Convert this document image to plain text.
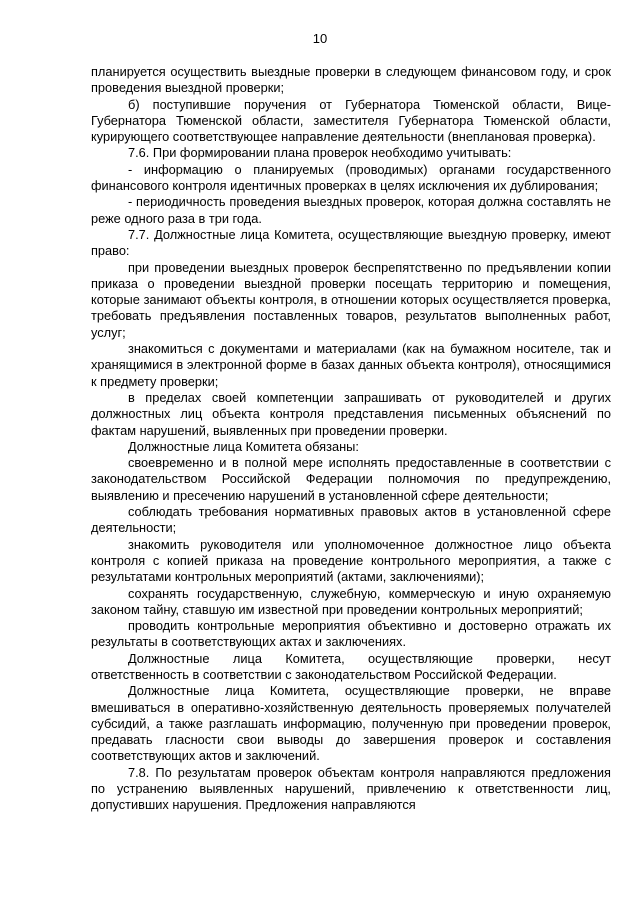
10

планируется осуществить выездные проверки в следующем финансовом году, и срок проведения выездной проверки;

б) поступившие поручения от Губернатора Тюменской области, Вице-Губернатора Тюменской области, заместителя Губернатора Тюменской области, курирующего соответствующее направление деятельности (внеплановая проверка).

7.6. При формировании плана проверок необходимо учитывать:

- информацию о планируемых (проводимых) органами государственного финансового контроля идентичных проверках в целях исключения их дублирования;

- периодичность проведения выездных проверок, которая должна составлять не реже одного раза в три года.

7.7. Должностные лица Комитета, осуществляющие выездную проверку, имеют право:

при проведении выездных проверок беспрепятственно по предъявлении копии приказа о проведении выездной проверки посещать территорию и помещения, которые занимают объекты контроля, в отношении которых осуществляется проверка, требовать предъявления поставленных товаров, результатов выполненных работ, услуг;

знакомиться с документами и материалами (как на бумажном носителе, так и хранящимися в электронной форме в базах данных объекта контроля), относящимися к предмету проверки;

в пределах своей компетенции запрашивать от руководителей и других должностных лиц объекта контроля представления письменных объяснений по фактам нарушений, выявленных при проведении проверки.

Должностные лица Комитета обязаны:

своевременно и в полной мере исполнять предоставленные в соответствии с законодательством Российской Федерации полномочия по предупреждению, выявлению и пресечению нарушений в установленной сфере деятельности;

соблюдать требования нормативных правовых актов в установленной сфере деятельности;

знакомить руководителя или уполномоченное должностное лицо объекта контроля с копией приказа на проведение контрольного мероприятия, а также с результатами контрольных мероприятий (актами, заключениями);

сохранять государственную, служебную, коммерческую и иную охраняемую законом тайну, ставшую им известной при проведении контрольных мероприятий;

проводить контрольные мероприятия объективно и достоверно отражать их результаты в соответствующих актах и заключениях.

Должностные лица Комитета, осуществляющие проверки, несут ответственность в соответствии с законодательством Российской Федерации.

Должностные лица Комитета, осуществляющие проверки, не вправе вмешиваться в оперативно-хозяйственную деятельность проверяемых получателей субсидий, а также разглашать информацию, полученную при проведении проверок, предавать гласности свои выводы до завершения проверок и составления соответствующих актов и заключений.

7.8. По результатам проверок объектам контроля направляются предложения по устранению выявленных нарушений, привлечению к ответственности лиц, допустивших нарушения. Предложения направляются
